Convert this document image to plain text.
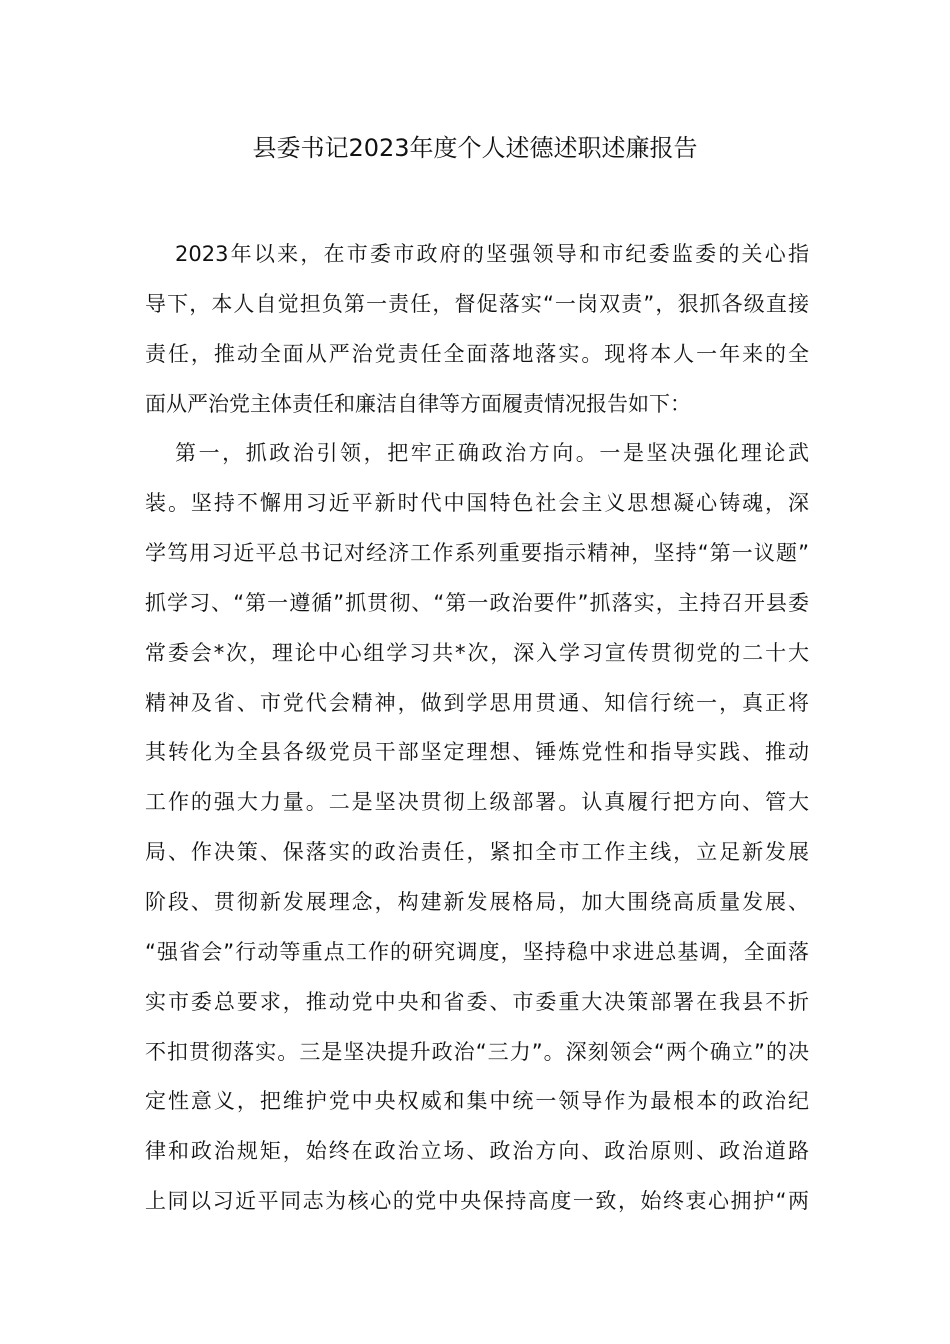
县委书记2023年度个人述德述职述廉报告
2023年以来，在市委市政府的坚强领导和市纪委监委的关心指
导下，本人自觉担负第一责任，督促落实“一岗双责”，狠抓各级直接
责任，推动全面从严治党责任全面落地落实。现将本人一年来的全
面从严治党主体责任和廉洁自律等方面履责情况报告如下：
第一，抓政治引领，把牢正确政治方向。一是坚决强化理论武
装。坚持不懈用习近平新时代中国特色社会主义思想凝心铸魂，深
学笃用习近平总书记对经济工作系列重要指示精神，坚持“第一议题”
抓学习、“第一遵循”抓贯彻、“第一政治要件”抓落实，主持召开县委
常委会*次，理论中心组学习共*次，深入学习宣传贯彻党的二十大
精神及省、市党代会精神，做到学思用贯通、知信行统一，真正将
其转化为全县各级党员干部坚定理想、锤炼党性和指导实践、推动
工作的强大力量。二是坚决贯彻上级部署。认真履行把方向、管大
局、作决策、保落实的政治责任，紧扣全市工作主线，立足新发展
阶段、贯彻新发展理念，构建新发展格局，加大围绕高质量发展、
“强省会”行动等重点工作的研究调度，坚持稳中求进总基调，全面落
实市委总要求，推动党中央和省委、市委重大决策部署在我县不折
不扣贯彻落实。三是坚决提升政治“三力”。深刻领会“两个确立”的决
定性意义，把维护党中央权威和集中统一领导作为最根本的政治纪
律和政治规矩，始终在政治立场、政治方向、政治原则、政治道路
上同以习近平同志为核心的党中央保持高度一致，始终衷心拥护“两
